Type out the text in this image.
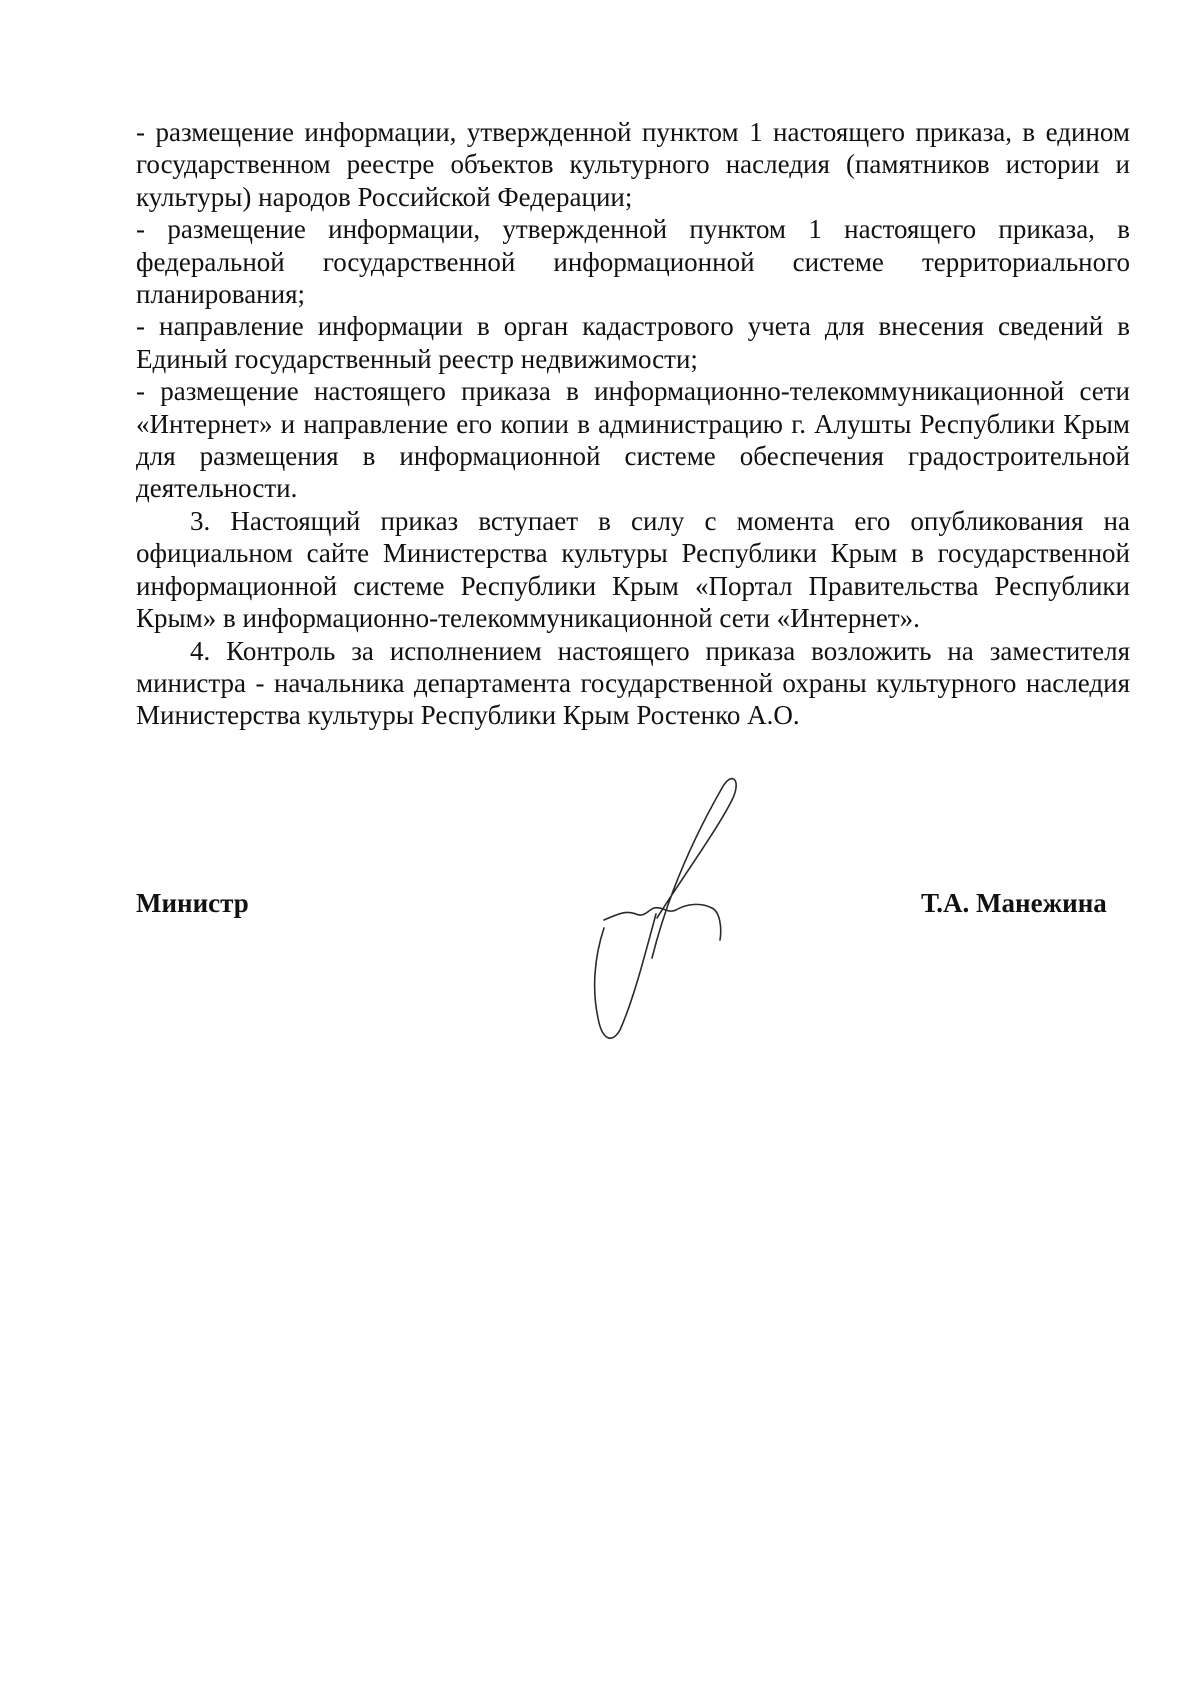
- размещение информации, утвержденной пунктом 1 настоящего приказа, в едином государственном реестре объектов культурного наследия (памятников истории и культуры) народов Российской Федерации;

- размещение информации, утвержденной пунктом 1 настоящего приказа, в федеральной государственной информационной системе территориального планирования;

- направление информации в орган кадастрового учета для внесения сведений в Единый государственный реестр недвижимости;

- размещение настоящего приказа в информационно-телекоммуникационной сети «Интернет» и направление его копии в администрацию г. Алушты Республики Крым для размещения в информационной системе обеспечения градостроительной деятельности.

3. Настоящий приказ вступает в силу с момента его опубликования на официальном сайте Министерства культуры Республики Крым в государственной информационной системе Республики Крым «Портал Правительства Республики Крым» в информационно-телекоммуникационной сети «Интернет».

4. Контроль за исполнением настоящего приказа возложить на заместителя министра - начальника департамента государственной охраны культурного наследия Министерства культуры Республики Крым Ростенко А.О.

Министр	Т.А. Манежина
